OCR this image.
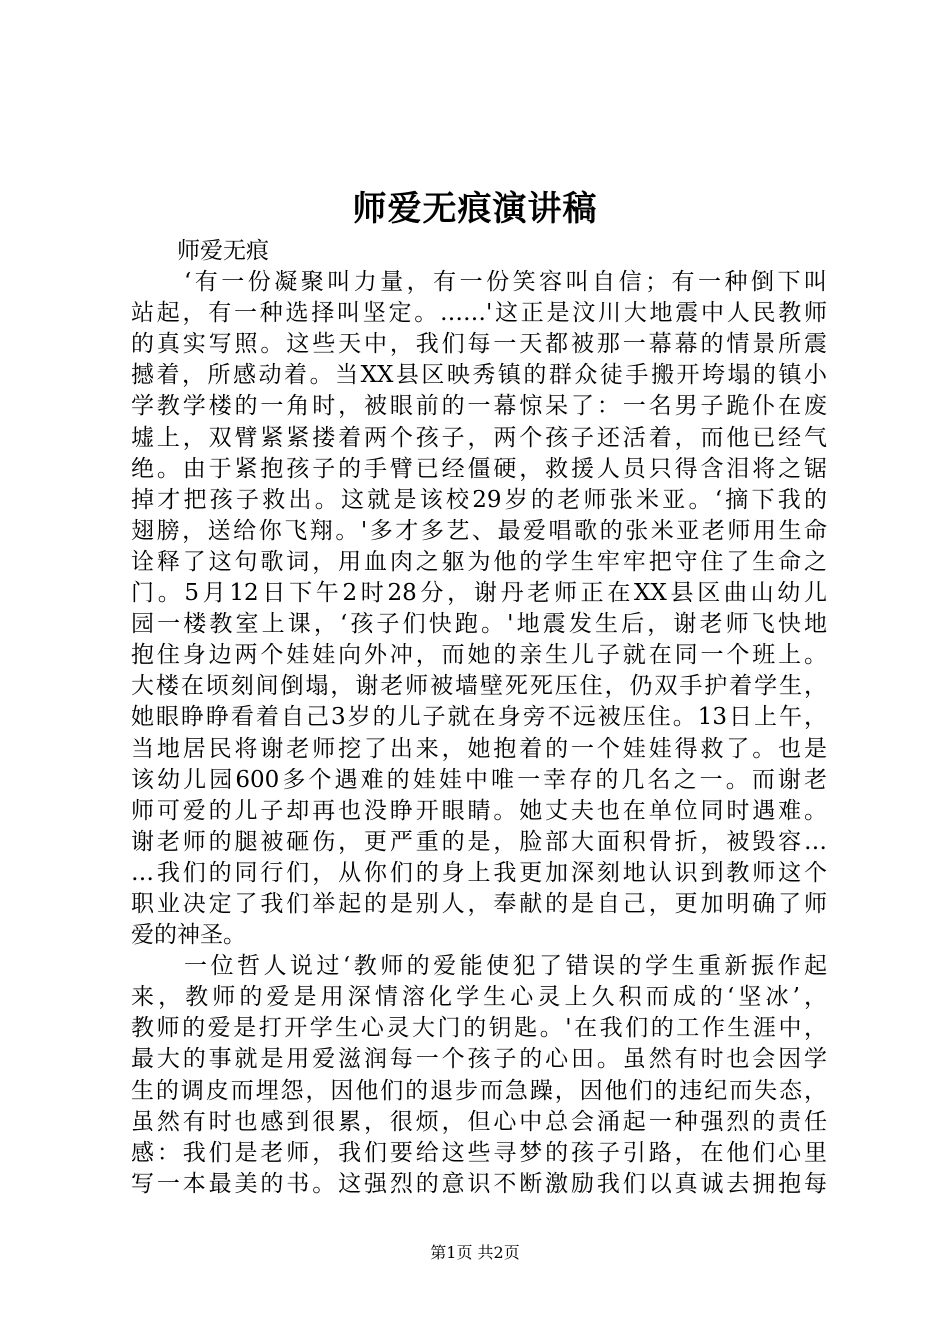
师爱无痕演讲稿
　　师爱无痕
　　‘有一份凝聚叫力量，有一份笑容叫自信；有一种倒下叫
站起，有一种选择叫坚定。……'这正是汶川大地震中人民教师
的真实写照。这些天中，我们每一天都被那一幕幕的情景所震
撼着，所感动着。当XX县区映秀镇的群众徒手搬开垮塌的镇小
学教学楼的一角时，被眼前的一幕惊呆了：一名男子跪仆在废
墟上，双臂紧紧搂着两个孩子，两个孩子还活着，而他已经气
绝。由于紧抱孩子的手臂已经僵硬，救援人员只得含泪将之锯
掉才把孩子救出。这就是该校29岁的老师张米亚。‘摘下我的
翅膀，送给你飞翔。'多才多艺、最爱唱歌的张米亚老师用生命
诠释了这句歌词，用血肉之躯为他的学生牢牢把守住了生命之
门。5月12日下午2时28分，谢丹老师正在XX县区曲山幼儿
园一楼教室上课，‘孩子们快跑。'地震发生后，谢老师飞快地
抱住身边两个娃娃向外冲，而她的亲生儿子就在同一个班上。
大楼在顷刻间倒塌，谢老师被墙壁死死压住，仍双手护着学生，
她眼睁睁看着自己3岁的儿子就在身旁不远被压住。13日上午，
当地居民将谢老师挖了出来，她抱着的一个娃娃得救了。也是
该幼儿园600多个遇难的娃娃中唯一幸存的几名之一。而谢老
师可爱的儿子却再也没睁开眼睛。她丈夫也在单位同时遇难。
谢老师的腿被砸伤，更严重的是，脸部大面积骨折，被毁容…
…我们的同行们，从你们的身上我更加深刻地认识到教师这个
职业决定了我们举起的是别人，奉献的是自己，更加明确了师
爱的神圣。
　　一位哲人说过‘教师的爱能使犯了错误的学生重新振作起
来，教师的爱是用深情溶化学生心灵上久积而成的‘坚冰’，
教师的爱是打开学生心灵大门的钥匙。'在我们的工作生涯中，
最大的事就是用爱滋润每一个孩子的心田。虽然有时也会因学
生的调皮而埋怨，因他们的退步而急躁，因他们的违纪而失态，
虽然有时也感到很累，很烦，但心中总会涌起一种强烈的责任
感：我们是老师，我们要给这些寻梦的孩子引路，在他们心里
写一本最美的书。这强烈的意识不断激励我们以真诚去拥抱每
第1页 共2页
